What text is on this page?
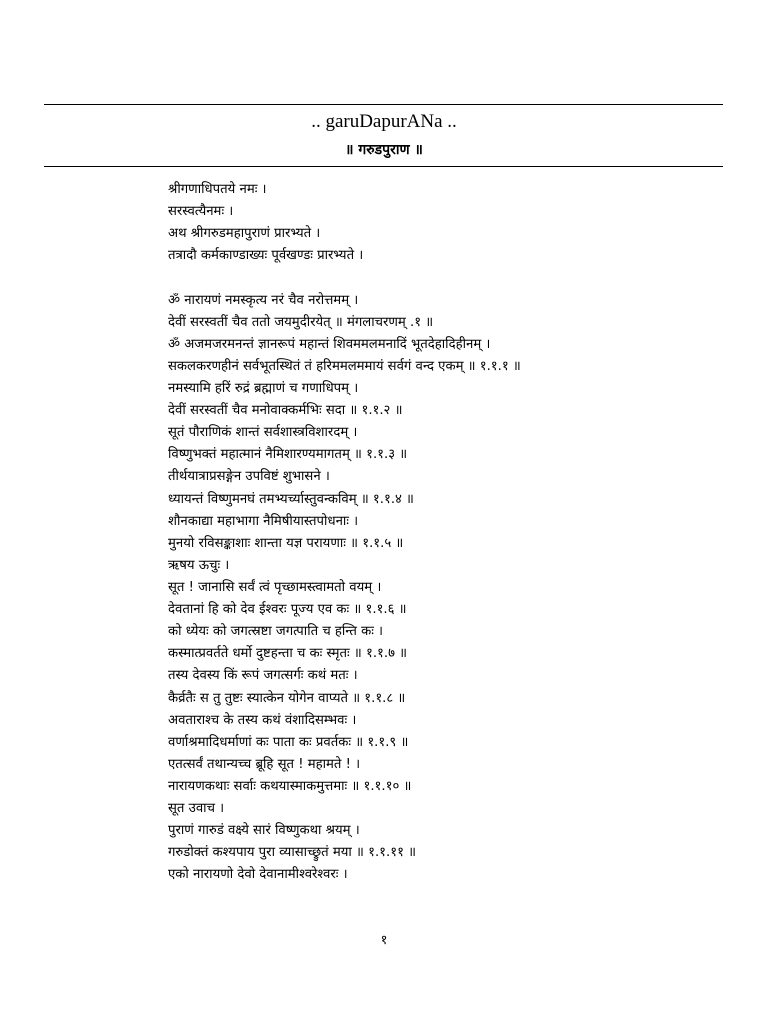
.. garuDapurANa ..
॥ गरुडपुराण ॥
श्रीगणाधिपतये नमः ।
सरस्वत्यैनमः ।
अथ श्रीगरुडमहापुराणं प्रारभ्यते ।
तत्रादौ कर्मकाण्डाख्यः पूर्वखण्डः प्रारभ्यते ।
ॐ नारायणं नमस्कृत्य नरं चैव नरोत्तमम् ।
देवीं सरस्वतीं चैव ततो जयमुदीरयेत् ॥ मंगलाचरणम् .१ ॥
ॐ अजमजरमनन्तं ज्ञानरूपं महान्तं शिवममलमनादिं भूतदेहादिहीनम् ।
सकलकरणहीनं सर्वभूतस्थितं तं हरिममलममायं सर्वगं वन्द एकम् ॥ १.१.१ ॥
नमस्यामि हरिं रुद्रं ब्रह्माणं च गणाधिपम् ।
देवीं सरस्वतीं चैव मनोवाक्कर्मभिः सदा ॥ १.१.२ ॥
सूतं पौराणिकं शान्तं सर्वशास्त्रविशारदम् ।
विष्णुभक्तं महात्मानं नैमिशारण्यमागतम् ॥ १.१.३ ॥
तीर्थयात्राप्रसङ्गेन उपविष्टं शुभासने ।
ध्यायन्तं विष्णुमनघं तमभ्यर्च्यास्तुवन्कविम् ॥ १.१.४ ॥
शौनकाद्या महाभागा नैमिषीयास्तपोधनाः ।
मुनयो रविसङ्काशाः शान्ता यज्ञ परायणाः ॥ १.१.५ ॥
ऋषय ऊचुः ।
सूत ! जानासि सर्वं त्वं पृच्छामस्त्वामतो वयम् ।
देवतानां हि को देव ईश्वरः पूज्य एव कः ॥ १.१.६ ॥
को ध्येयः को जगत्स्रष्टा जगत्पाति च हन्ति कः ।
कस्मात्प्रवर्तते धर्मो दुष्टहन्ता च कः स्मृतः ॥ १.१.७ ॥
तस्य देवस्य किं रूपं जगत्सर्गः कथं मतः ।
कैर्व्रतैः स तु तुष्टः स्यात्केन योगेन वाप्यते ॥ १.१.८ ॥
अवताराश्च के तस्य कथं वंशादिसम्भवः ।
वर्णाश्रमादिधर्माणां कः पाता कः प्रवर्तकः ॥ १.१.९ ॥
एतत्सर्वं तथान्यच्च ब्रूहि सूत ! महामते ! ।
नारायणकथाः सर्वाः कथयास्माकमुत्तमाः ॥ १.१.१० ॥
सूत उवाच ।
पुराणं गारुडं वक्ष्ये सारं विष्णुकथा श्रयम् ।
गरुडोक्तं कश्यपाय पुरा व्यासाच्छ्रुतं मया ॥ १.१.११ ॥
एको नारायणो देवो देवानामीश्वरेश्वरः ।
१
